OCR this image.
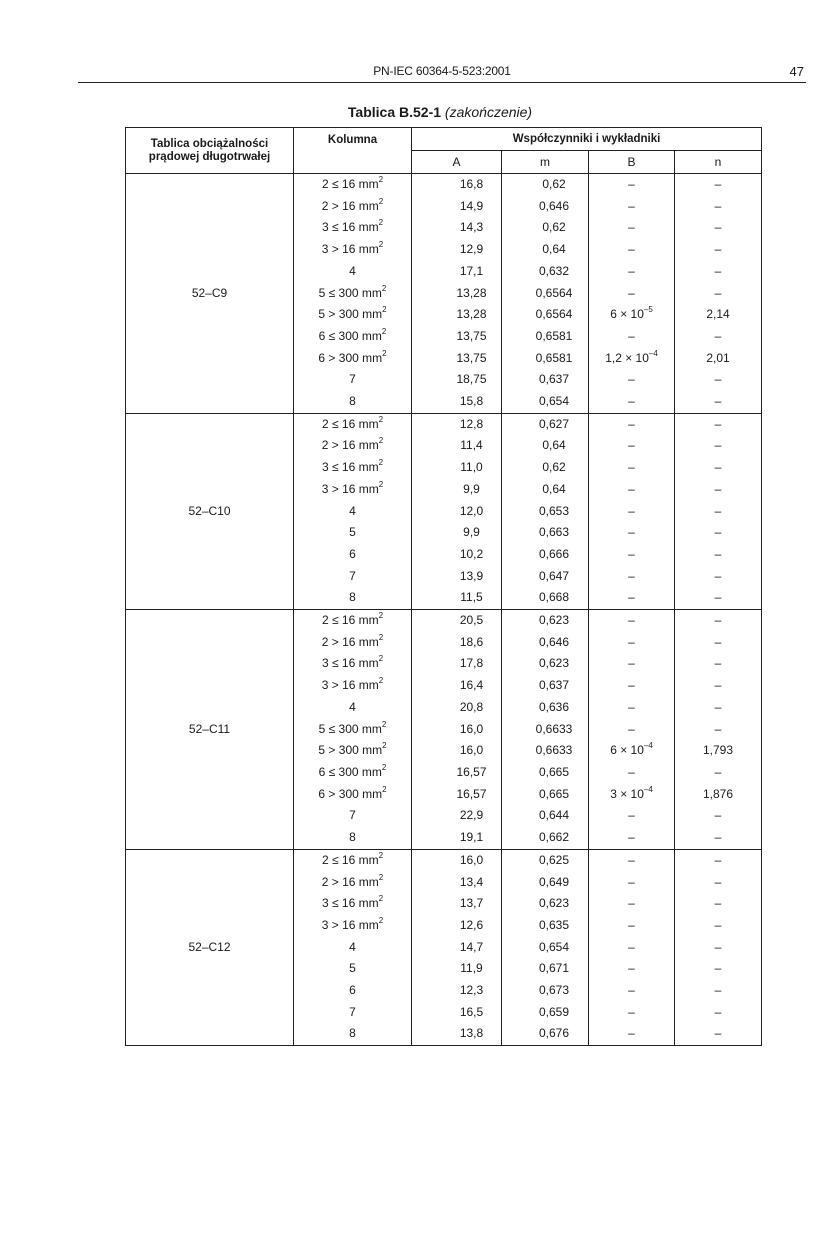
PN-IEC 60364-5-523:2001	47
Tablica B.52-1 (zakończenie)
Tablica obciążalności prądowej długotrwałej	Kolumna	Współczynniki i wykładniki			
		A	m	B	n
52–C9	2 ≤ 16 $mm^2$	16,8	0,62	–	–
	2 > 16 $mm^2$	14,9	0,646	–	–
	3 ≤ 16 $mm^2$	14,3	0,62	–	–
	3 > 16 $mm^2$	12,9	0,64	–	–
	4	17,1	0,632	–	–
	5 ≤ 300 $mm^2$	13,28	0,6564	–	–
	5 > 300 $mm^2$	13,28	0,6564	$6 \times 10^{-5}$	2,14
	6 ≤ 300 $mm^2$	13,75	0,6581	–	–
	6 > 300 $mm^2$	13,75	0,6581	$1,2 \times 10^{-4}$	2,01
	7	18,75	0,637	–	–
	8	15,8	0,654	–	–
52–C10	2 ≤ 16 $mm^2$	12,8	0,627	–	–
	2 > 16 $mm^2$	11,4	0,64	–	–
	3 ≤ 16 $mm^2$	11,0	0,62	–	–
	3 > 16 $mm^2$	9,9	0,64	–	–
	4	12,0	0,653	–	–
	5	9,9	0,663	–	–
	6	10,2	0,666	–	–
	7	13,9	0,647	–	–
	8	11,5	0,668	–	–
52–C11	2 ≤ 16 $mm^2$	20,5	0,623	–	–
	2 > 16 $mm^2$	18,6	0,646	–	–
	3 ≤ 16 $mm^2$	17,8	0,623	–	–
	3 > 16 $mm^2$	16,4	0,637	–	–
	4	20,8	0,636	–	–
	5 ≤ 300 $mm^2$	16,0	0,6633	–	–
	5 > 300 $mm^2$	16,0	0,6633	$6 \times 10^{-4}$	1,793
	6 ≤ 300 $mm^2$	16,57	0,665	–	–
	6 > 300 $mm^2$	16,57	0,665	$3 \times 10^{-4}$	1,876
	7	22,9	0,644	–	–
	8	19,1	0,662	–	–
52–C12	2 ≤ 16 $mm^2$	16,0	0,625	–	–
	2 > 16 $mm^2$	13,4	0,649	–	–
	3 ≤ 16 $mm^2$	13,7	0,623	–	–
	3 > 16 $mm^2$	12,6	0,635	–	–
	4	14,7	0,654	–	–
	5	11,9	0,671	–	–
	6	12,3	0,673	–	–
	7	16,5	0,659	–	–
	8	13,8	0,676	–	–
